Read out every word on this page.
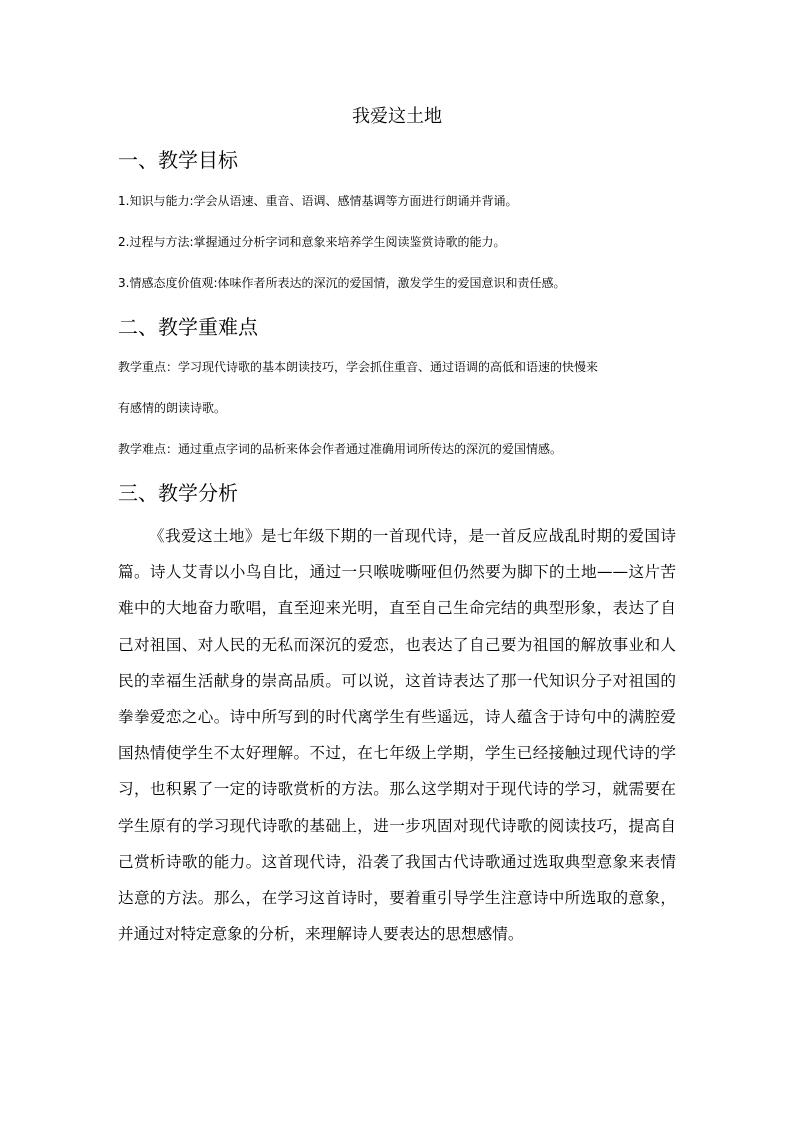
我爱这土地
一、教学目标

1.知识与能力:学会从语速、重音、语调、感情基调等方面进行朗诵并背诵。

2.过程与方法:掌握通过分析字词和意象来培养学生阅读鉴赏诗歌的能力。

3.情感态度价值观:体味作者所表达的深沉的爱国情，激发学生的爱国意识和责任感。

二、教学重难点

教学重点：学习现代诗歌的基本朗读技巧，学会抓住重音、通过语调的高低和语速的快慢来

有感情的朗读诗歌。

教学难点：通过重点字词的品析来体会作者通过准确用词所传达的深沉的爱国情感。

三、教学分析

《我爱这土地》是七年级下期的一首现代诗，是一首反应战乱时期的爱国诗篇。诗人艾青以小鸟自比，通过一只喉咙嘶哑但仍然要为脚下的土地——这片苦难中的大地奋力歌唱，直至迎来光明，直至自己生命完结的典型形象，表达了自己对祖国、对人民的无私而深沉的爱恋，也表达了自己要为祖国的解放事业和人民的幸福生活献身的崇高品质。可以说，这首诗表达了那一代知识分子对祖国的拳拳爱恋之心。诗中所写到的时代离学生有些遥远，诗人蕴含于诗句中的满腔爱国热情使学生不太好理解。不过，在七年级上学期，学生已经接触过现代诗的学习，也积累了一定的诗歌赏析的方法。那么这学期对于现代诗的学习，就需要在学生原有的学习现代诗歌的基础上，进一步巩固对现代诗歌的阅读技巧，提高自己赏析诗歌的能力。这首现代诗，沿袭了我国古代诗歌通过选取典型意象来表情达意的方法。那么，在学习这首诗时，要着重引导学生注意诗中所选取的意象，并通过对特定意象的分析，来理解诗人要表达的思想感情。
